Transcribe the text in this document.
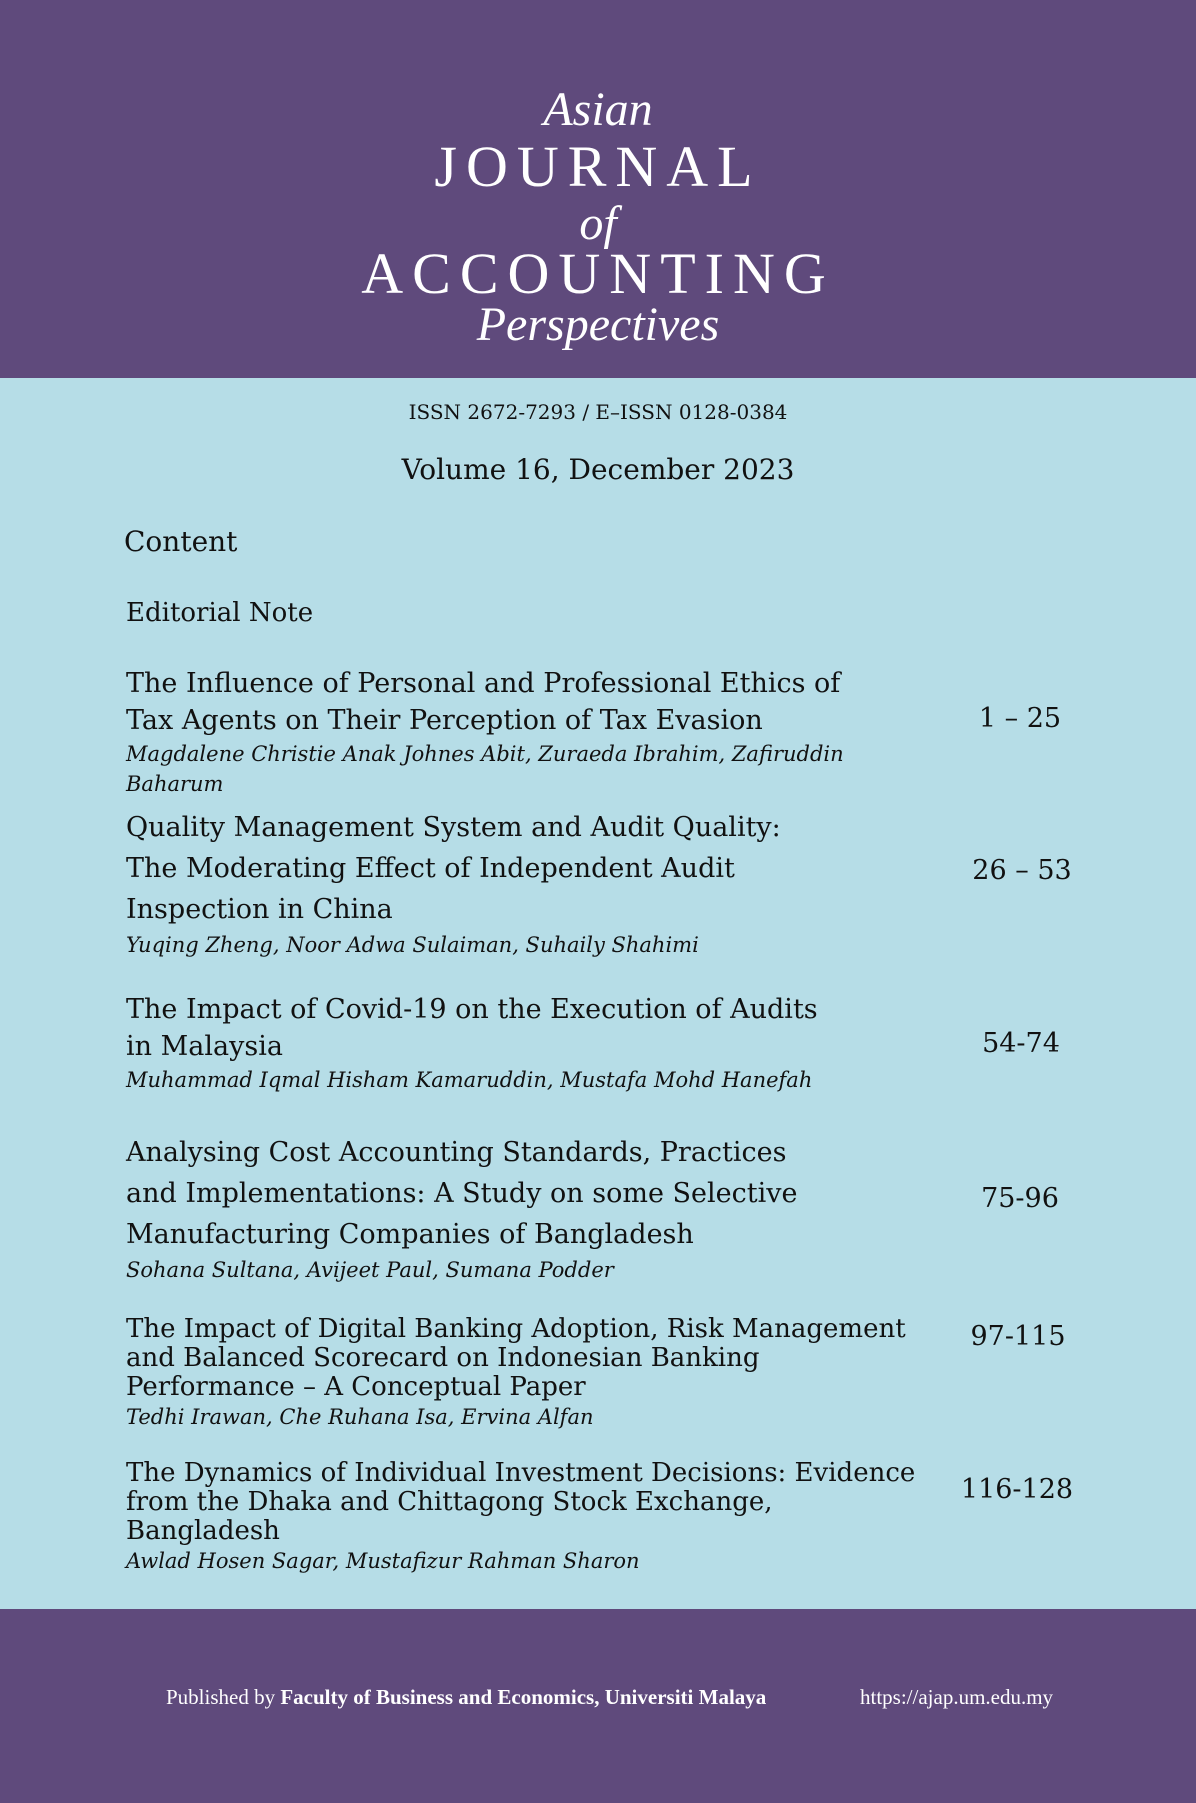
Asian
JOURNAL
of
ACCOUNTING
Perspectives
ISSN 2672-7293 / E–ISSN 0128-0384
Volume 16, December 2023
Content
Editorial Note
The Influence of Personal and Professional Ethics of Tax Agents on Their Perception of Tax Evasion
Magdalene Christie Anak Johnes Abit, Zuraeda Ibrahim, Zafiruddin Baharum
1 – 25
Quality Management System and Audit Quality: The Moderating Effect of Independent Audit Inspection in China
Yuqing Zheng, Noor Adwa Sulaiman, Suhaily Shahimi
26 – 53
The Impact of Covid-19 on the Execution of Audits in Malaysia
Muhammad Iqmal Hisham Kamaruddin, Mustafa Mohd Hanefah
54-74
Analysing Cost Accounting Standards, Practices and Implementations: A Study on some Selective Manufacturing Companies of Bangladesh
Sohana Sultana, Avijeet Paul, Sumana Podder
75-96
The Impact of Digital Banking Adoption, Risk Management and Balanced Scorecard on Indonesian Banking Performance – A Conceptual Paper
Tedhi Irawan, Che Ruhana Isa, Ervina Alfan
97-115
The Dynamics of Individual Investment Decisions: Evidence from the Dhaka and Chittagong Stock Exchange, Bangladesh
Awlad Hosen Sagar, Mustafizur Rahman Sharon
116-128
Published by Faculty of Business and Economics, Universiti Malaya	https://ajap.um.edu.my
